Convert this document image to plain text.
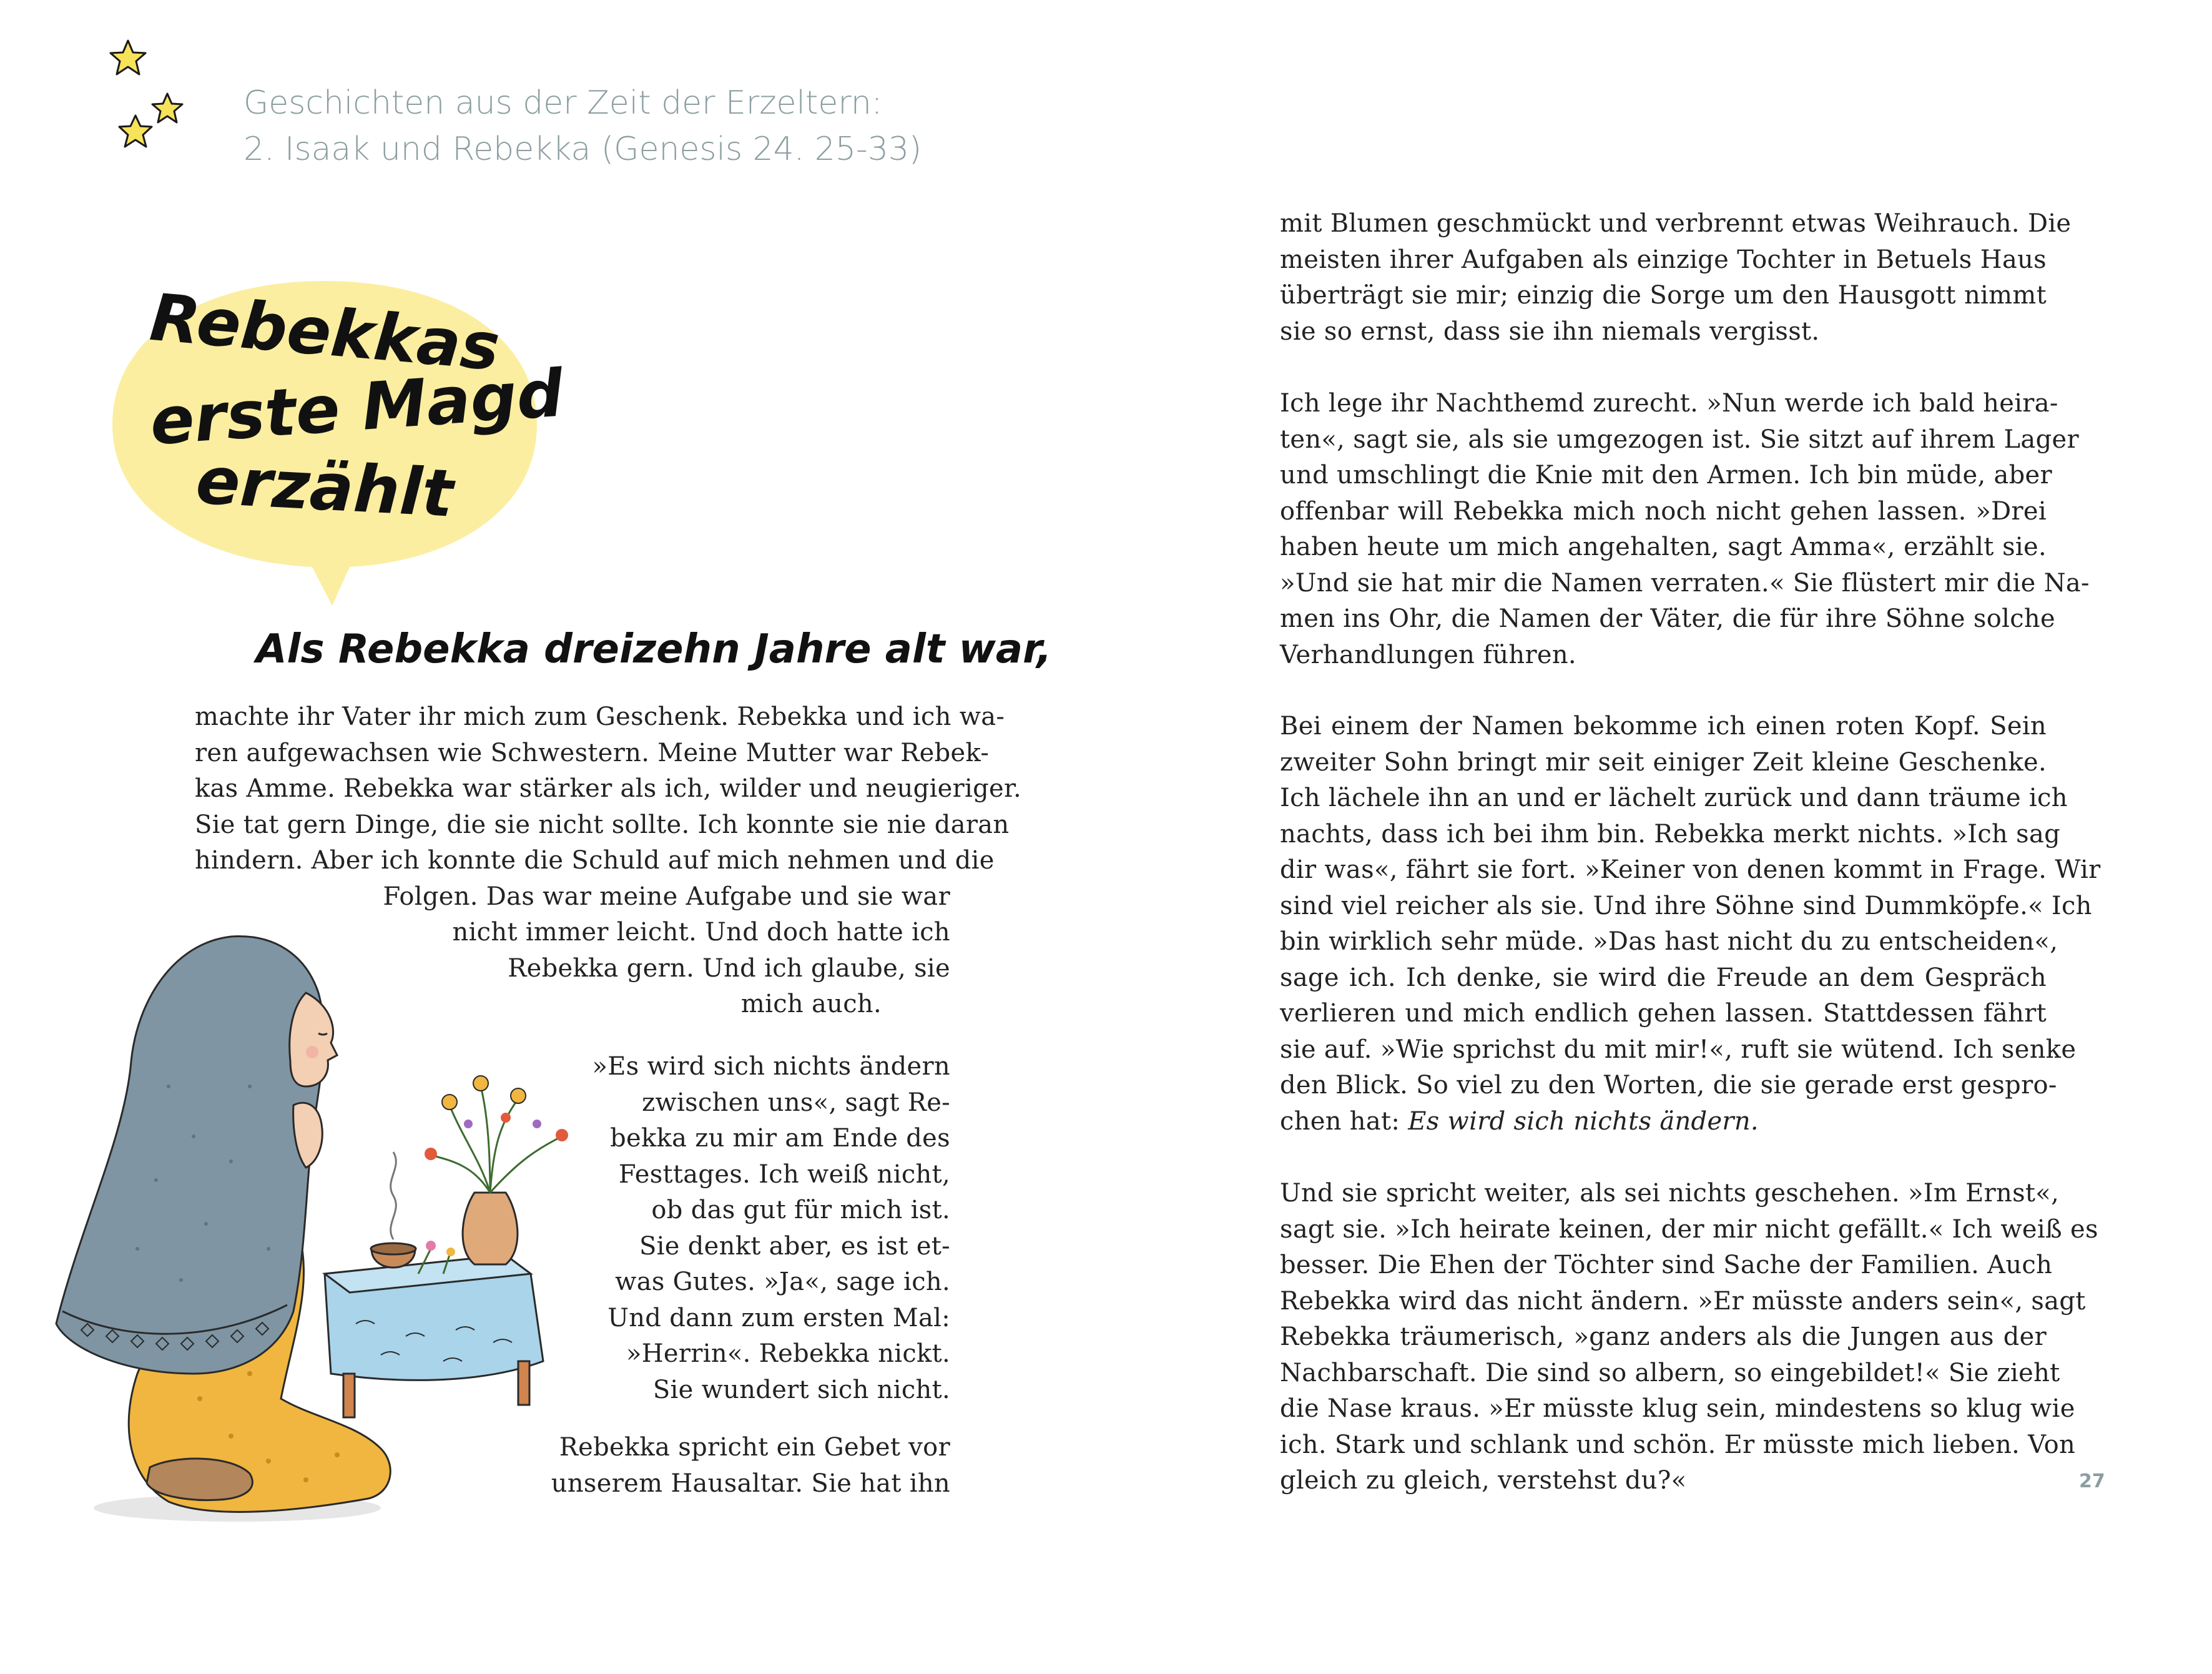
Geschichten aus der Zeit der Erzeltern:
2. Isaak und Rebekka (Genesis 24. 25-33)
Rebekkas
erste Magd
erzählt
Als Rebekka dreizehn Jahre alt war,
machte ihr Vater ihr mich zum Geschenk. Rebekka und ich wa-
ren aufgewachsen wie Schwestern. Meine Mutter war Rebek-
kas Amme. Rebekka war stärker als ich, wilder und neugieriger.
Sie tat gern Dinge, die sie nicht sollte. Ich konnte sie nie daran
hindern. Aber ich konnte die Schuld auf mich nehmen und die
Folgen. Das war meine Aufgabe und sie war
nicht immer leicht. Und doch hatte ich
Rebekka gern. Und ich glaube, sie
mich auch.
»Es wird sich nichts ändern
zwischen uns«, sagt Re-
bekka zu mir am Ende des
Festtages. Ich weiß nicht,
ob das gut für mich ist.
Sie denkt aber, es ist et-
was Gutes. »Ja«, sage ich.
Und dann zum ersten Mal:
»Herrin«. Rebekka nickt.
Sie wundert sich nicht.
Rebekka spricht ein Gebet vor
unserem Hausaltar. Sie hat ihn
mit Blumen geschmückt und verbrennt etwas Weihrauch. Die
meisten ihrer Aufgaben als einzige Tochter in Betuels Haus
überträgt sie mir; einzig die Sorge um den Hausgott nimmt
sie so ernst, dass sie ihn niemals vergisst.
Ich lege ihr Nachthemd zurecht. »Nun werde ich bald heira-
ten«, sagt sie, als sie umgezogen ist. Sie sitzt auf ihrem Lager
und umschlingt die Knie mit den Armen. Ich bin müde, aber
offenbar will Rebekka mich noch nicht gehen lassen. »Drei
haben heute um mich angehalten, sagt Amma«, erzählt sie.
»Und sie hat mir die Namen verraten.« Sie flüstert mir die Na-
men ins Ohr, die Namen der Väter, die für ihre Söhne solche
Verhandlungen führen.
Bei einem der Namen bekomme ich einen roten Kopf. Sein
zweiter Sohn bringt mir seit einiger Zeit kleine Geschenke.
Ich lächele ihn an und er lächelt zurück und dann träume ich
nachts, dass ich bei ihm bin. Rebekka merkt nichts. »Ich sag
dir was«, fährt sie fort. »Keiner von denen kommt in Frage. Wir
sind viel reicher als sie. Und ihre Söhne sind Dummköpfe.« Ich
bin wirklich sehr müde. »Das hast nicht du zu entscheiden«,
sage ich. Ich denke, sie wird die Freude an dem Gespräch
verlieren und mich endlich gehen lassen. Stattdessen fährt
sie auf. »Wie sprichst du mit mir!«, ruft sie wütend. Ich senke
den Blick. So viel zu den Worten, die sie gerade erst gespro-
chen hat: Es wird sich nichts ändern.
Und sie spricht weiter, als sei nichts geschehen. »Im Ernst«,
sagt sie. »Ich heirate keinen, der mir nicht gefällt.« Ich weiß es
besser. Die Ehen der Töchter sind Sache der Familien. Auch
Rebekka wird das nicht ändern. »Er müsste anders sein«, sagt
Rebekka träumerisch, »ganz anders als die Jungen aus der
Nachbarschaft. Die sind so albern, so eingebildet!« Sie zieht
die Nase kraus. »Er müsste klug sein, mindestens so klug wie
ich. Stark und schlank und schön. Er müsste mich lieben. Von
gleich zu gleich, verstehst du?«	27
